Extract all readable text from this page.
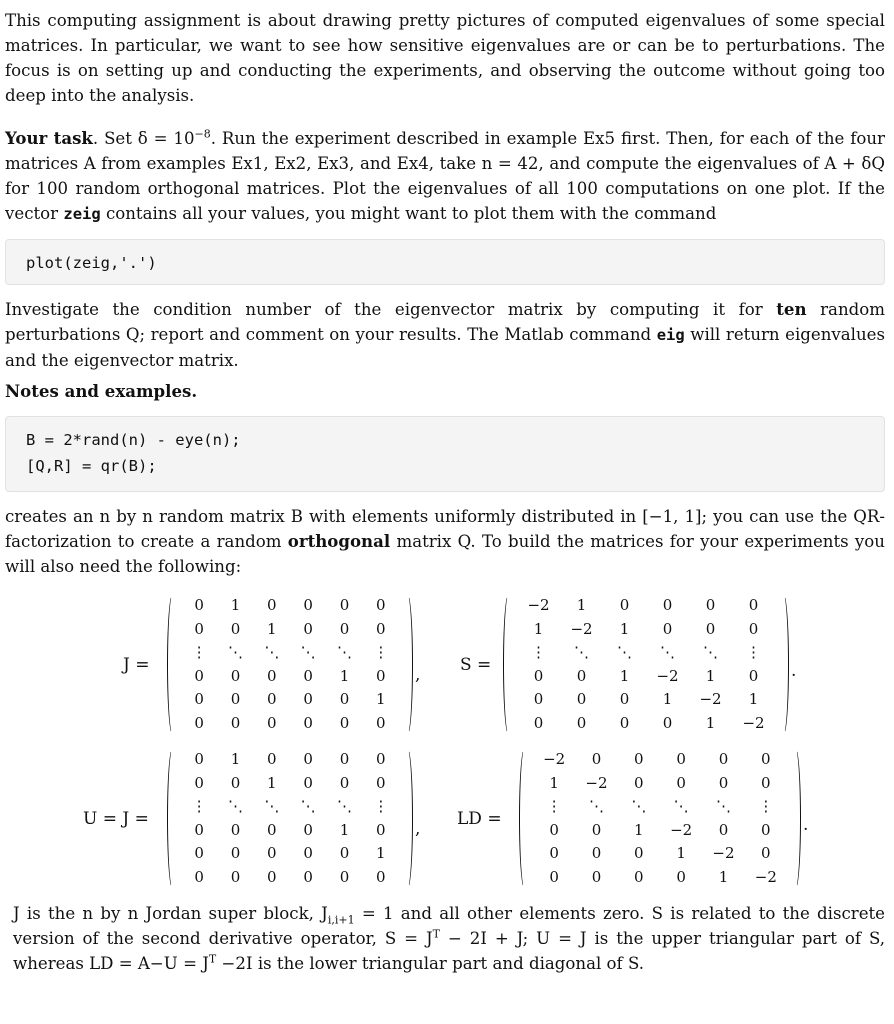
This computing assignment is about drawing pretty pictures of computed eigenvalues of some special matrices. In particular, we want to see how sensitive eigenvalues are or can be to perturbations. The focus is on setting up and conducting the experiments, and observing the outcome without going too deep into the analysis.

Your task. Set $\delta = 10^{-8}$. Run the experiment described in example Ex5 first. Then, for each of the four matrices A from examples Ex1, Ex2, Ex3, and Ex4, take n = 42, and compute the eigenvalues of A + δQ for 100 random orthogonal matrices. Plot the eigenvalues of all 100 computations on one plot. If the vector zeig contains all your values, you might want to plot them with the command

plot(zeig,'.')

Investigate the condition number of the eigenvector matrix by computing it for ten random perturbations Q; report and comment on your results. The Matlab command eig will return eigenvalues and the eigenvector matrix.

Notes and examples.
B = 2*rand(n) - eye(n);
[Q,R] = qr(B);

creates an n by n random matrix B with elements uniformly distributed in [−1, 1]; you can use the QR-factorization to create a random orthogonal matrix Q. To build the matrices for your experiments you will also need the following:

J =
0	1	0	0	0	0
0	0	1	0	0	0
⋮	⋱	⋱	⋱	⋱	⋮
0	0	0	0	1	0
0	0	0	0	0	1
0	0	0	0	0	0
, S =
−2	1	0	0	0	0
1	−2	1	0	0	0
⋮	⋱	⋱	⋱	⋱	⋮
0	0	1	−2	1	0
0	0	0	1	−2	1
0	0	0	0	1	−2
.
U = J =
0	1	0	0	0	0
0	0	1	0	0	0
⋮	⋱	⋱	⋱	⋱	⋮
0	0	0	0	1	0
0	0	0	0	0	1
0	0	0	0	0	0
, LD =
−2	0	0	0	0	0
1	−2	0	0	0	0
⋮	⋱	⋱	⋱	⋱	⋮
0	0	1	−2	0	0
0	0	0	1	−2	0
0	0	0	0	1	−2
.

J is the n by n Jordan super block, $J_{i,i+1} = 1$ and all other elements zero. S is related to the discrete version of the second derivative operator, $S = J^T - 2I + J$; U = J is the upper triangular part of S, whereas LD = $A-U = J^T -2I$ is the lower triangular part and diagonal of S.
